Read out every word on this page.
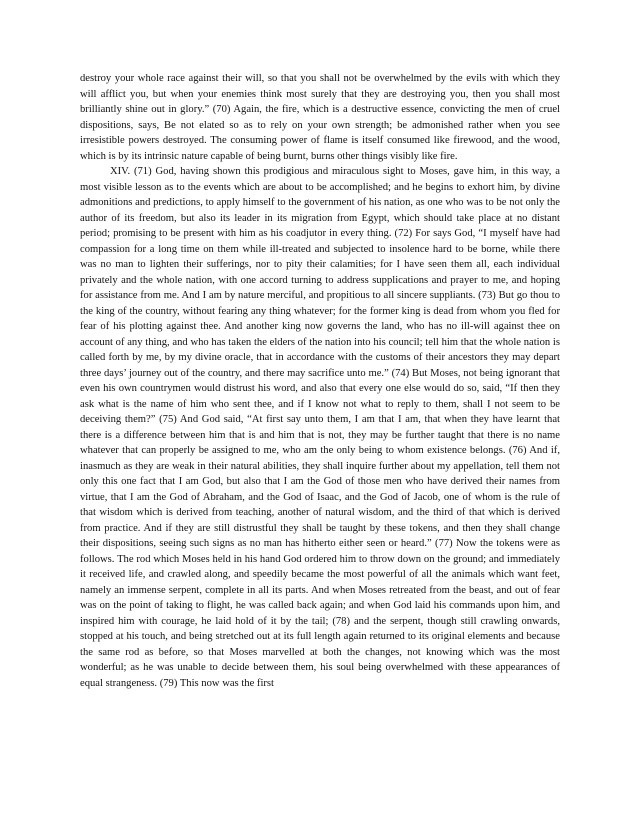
destroy your whole race against their will, so that you shall not be overwhelmed by the evils with which they will afflict you, but when your enemies think most surely that they are destroying you, then you shall most brilliantly shine out in glory.” (70) Again, the fire, which is a destructive essence, convicting the men of cruel dispositions, says, Be not elated so as to rely on your own strength; be admonished rather when you see irresistible powers destroyed. The consuming power of flame is itself consumed like firewood, and the wood, which is by its intrinsic nature capable of being burnt, burns other things visibly like fire.

XIV. (71) God, having shown this prodigious and miraculous sight to Moses, gave him, in this way, a most visible lesson as to the events which are about to be accomplished; and he begins to exhort him, by divine admonitions and predictions, to apply himself to the government of his nation, as one who was to be not only the author of its freedom, but also its leader in its migration from Egypt, which should take place at no distant period; promising to be present with him as his coadjutor in every thing. (72) For says God, “I myself have had compassion for a long time on them while ill-treated and subjected to insolence hard to be borne, while there was no man to lighten their sufferings, nor to pity their calamities; for I have seen them all, each individual privately and the whole nation, with one accord turning to address supplications and prayer to me, and hoping for assistance from me. And I am by nature merciful, and propitious to all sincere suppliants. (73) But go thou to the king of the country, without fearing any thing whatever; for the former king is dead from whom you fled for fear of his plotting against thee. And another king now governs the land, who has no ill-will against thee on account of any thing, and who has taken the elders of the nation into his council; tell him that the whole nation is called forth by me, by my divine oracle, that in accordance with the customs of their ancestors they may depart three days’ journey out of the country, and there may sacrifice unto me.” (74) But Moses, not being ignorant that even his own countrymen would distrust his word, and also that every one else would do so, said, “If then they ask what is the name of him who sent thee, and if I know not what to reply to them, shall I not seem to be deceiving them?” (75) And God said, “At first say unto them, I am that I am, that when they have learnt that there is a difference between him that is and him that is not, they may be further taught that there is no name whatever that can properly be assigned to me, who am the only being to whom existence belongs. (76) And if, inasmuch as they are weak in their natural abilities, they shall inquire further about my appellation, tell them not only this one fact that I am God, but also that I am the God of those men who have derived their names from virtue, that I am the God of Abraham, and the God of Isaac, and the God of Jacob, one of whom is the rule of that wisdom which is derived from teaching, another of natural wisdom, and the third of that which is derived from practice. And if they are still distrustful they shall be taught by these tokens, and then they shall change their dispositions, seeing such signs as no man has hitherto either seen or heard.” (77) Now the tokens were as follows. The rod which Moses held in his hand God ordered him to throw down on the ground; and immediately it received life, and crawled along, and speedily became the most powerful of all the animals which want feet, namely an immense serpent, complete in all its parts. And when Moses retreated from the beast, and out of fear was on the point of taking to flight, he was called back again; and when God laid his commands upon him, and inspired him with courage, he laid hold of it by the tail; (78) and the serpent, though still crawling onwards, stopped at his touch, and being stretched out at its full length again returned to its original elements and because the same rod as before, so that Moses marvelled at both the changes, not knowing which was the most wonderful; as he was unable to decide between them, his soul being overwhelmed with these appearances of equal strangeness. (79) This now was the first
